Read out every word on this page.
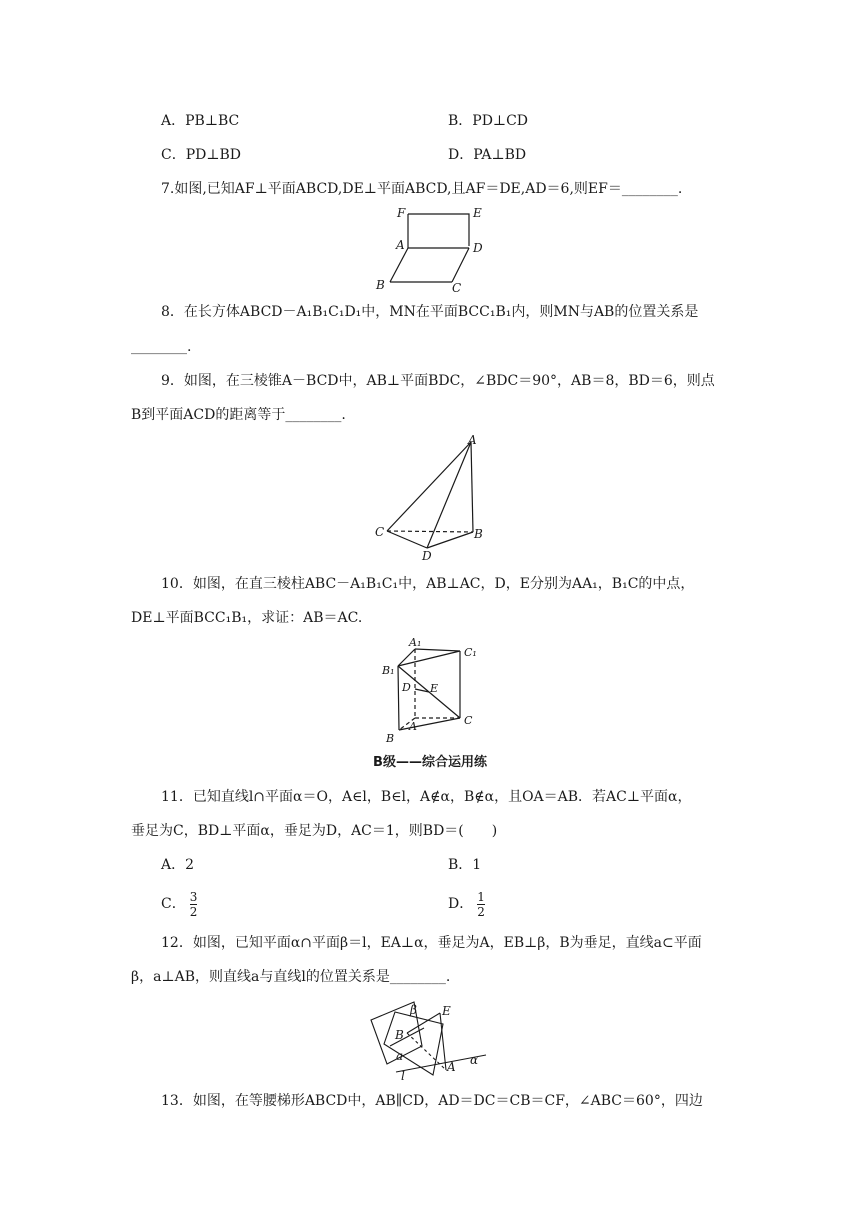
A．PB⊥BC	B．PD⊥CD
C．PD⊥BD	D．PA⊥BD
7.如图,已知AF⊥平面ABCD,DE⊥平面ABCD,且AF＝DE,AD＝6,则EF＝________.
F	E
A	D
B	C
8．在长方体ABCD－A₁B₁C₁D₁中，MN在平面BCC₁B₁内，则MN与AB的位置关系是
________.
9．如图，在三棱锥A－BCD中，AB⊥平面BDC，∠BDC＝90°，AB＝8，BD＝6，则点
B到平面ACD的距离等于________.
A
C	B
D
10．如图，在直三棱柱ABC－A₁B₁C₁中，AB⊥AC，D，E分别为AA₁，B₁C的中点，
DE⊥平面BCC₁B₁，求证：AB＝AC.
A₁
C₁
B₁
D E
A	C
B
B级——综合运用练
11．已知直线l∩平面α＝O，A∈l，B∈l，A∉α，B∉α，且OA＝AB．若AC⊥平面α，
垂足为C，BD⊥平面α，垂足为D，AC＝1，则BD＝(　　)
A．2	B．1
C． $\frac{3}{2}$	D． $\frac{1}{2}$
12．如图，已知平面α∩平面β＝l，EA⊥α，垂足为A，EB⊥β，B为垂足，直线a⊂平面
β，a⊥AB，则直线a与直线l的位置关系是________.
β E
B
α
a
A
l
13．如图，在等腰梯形ABCD中，AB∥CD，AD＝DC＝CB＝CF，∠ABC＝60°，四边
